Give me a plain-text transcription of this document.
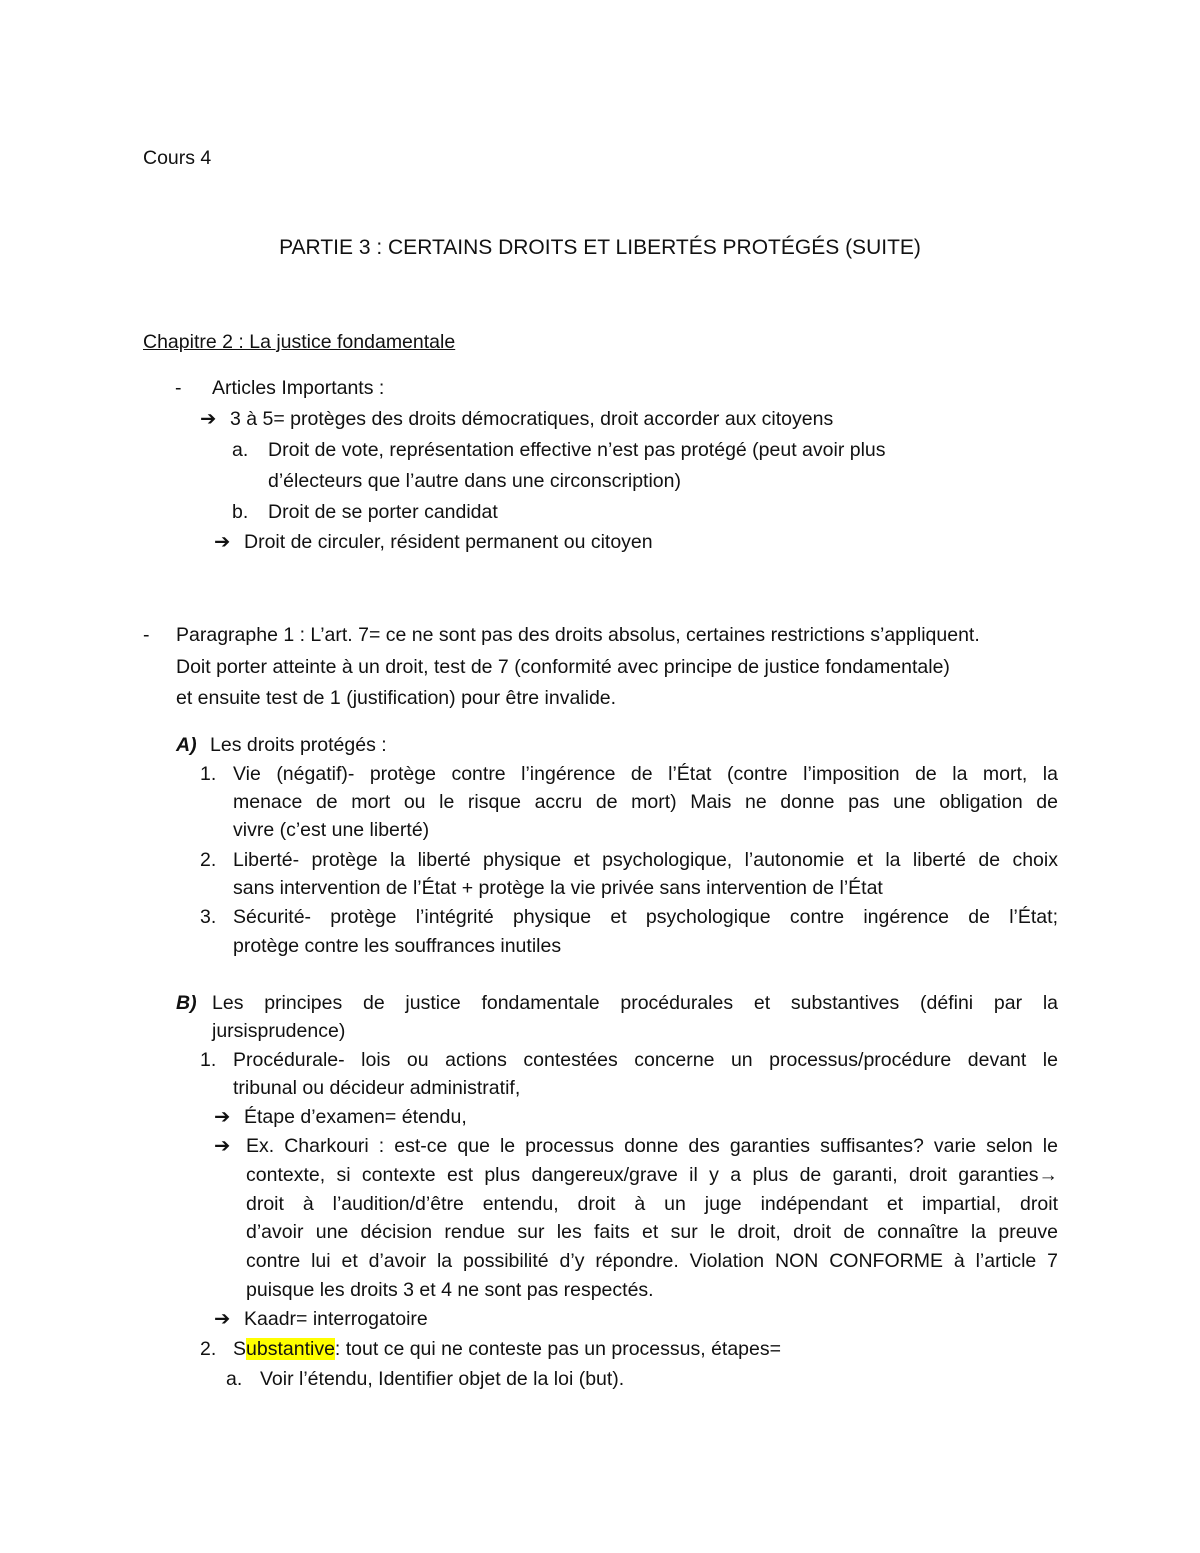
Cours 4
PARTIE 3 : CERTAINS DROITS ET LIBERTÉS PROTÉGÉS (SUITE)
Chapitre 2 : La justice fondamentale
- Articles Importants :
➔ 3 à 5= protèges des droits démocratiques, droit accorder aux citoyens
a. Droit de vote, représentation effective n’est pas protégé (peut avoir plus
d’électeurs que l’autre dans une circonscription)
b. Droit de se porter candidat
➔ Droit de circuler, résident permanent ou citoyen
- Paragraphe 1 : L’art. 7= ce ne sont pas des droits absolus, certaines restrictions s’appliquent.
Doit porter atteinte à un droit, test de 7 (conformité avec principe de justice fondamentale)
et ensuite test de 1 (justification) pour être invalide.
A) Les droits protégés :
1. Vie (négatif)- protège contre l’ingérence de l’État (contre l’imposition de la mort, la
menace de mort ou le risque accru de mort) Mais ne donne pas une obligation de
vivre (c’est une liberté)
2. Liberté- protège la liberté physique et psychologique, l’autonomie et la liberté de choix
sans intervention de l’État + protège la vie privée sans intervention de l’État
3. Sécurité- protège l’intégrité physique et psychologique contre ingérence de l’État;
protège contre les souffrances inutiles
B) Les principes de justice fondamentale procédurales et substantives (défini par la
jursisprudence)
1. Procédurale- lois ou actions contestées concerne un processus/procédure devant le
tribunal ou décideur administratif,
➔ Étape d’examen= étendu,
➔ Ex. Charkouri : est-ce que le processus donne des garanties suffisantes? varie selon le
contexte, si contexte est plus dangereux/grave il y a plus de garanti, droit garanties→
droit à l’audition/d’être entendu, droit à un juge indépendant et impartial, droit
d’avoir une décision rendue sur les faits et sur le droit, droit de connaître la preuve
contre lui et d’avoir la possibilité d’y répondre. Violation NON CONFORME à l’article 7
puisque les droits 3 et 4 ne sont pas respectés.
➔ Kaadr= interrogatoire
2. Substantive: tout ce qui ne conteste pas un processus, étapes=
a. Voir l’étendu, Identifier objet de la loi (but).
